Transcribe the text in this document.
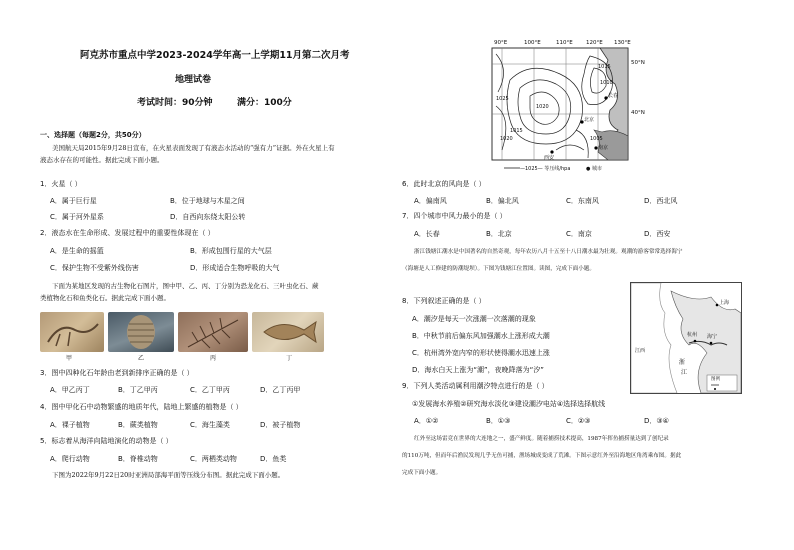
阿克苏市重点中学2023-2024学年高一上学期11月第二次月考
地理试卷
考试时间：90分钟	满分：100分
一、选择题（每题2分，共50分）
美国航天局2015年9月28日宣布，在火星表面发现了有液态水活动的“强有力”证据。外在火星上有
液态水存在的可能性。据此完成下面小题。
1．火星（ ）
A．属于巨行星	B．位于地球与木星之间
C．属于河外星系	D．自西向东绕太阳公转
2．液态水在生命形成、发展过程中的重要性体现在（ ）
A．是生命的摇篮	B．形成包围行星的大气层
C．保护生物不受紫外线伤害	D．形成适合生物呼吸的大气
下面为某地区发现的古生物化石图片，图中甲、乙、丙、丁分别为恐龙化石、三叶虫化石、蕨
类植物化石和鱼类化石。据此完成下面小题。
甲	乙	丙	丁
3．图中四种化石年龄由老到新排序正确的是（ ）
A．甲乙丙丁	B．丁乙甲丙	C．乙丁甲丙	D．乙丁丙甲
4．图中甲化石中动物繁盛的地质年代，陆地上繁盛的植物是（ ）
A．裸子植物	B．蕨类植物	C．海生藻类	D．被子植物
5．标志着从海洋向陆地演化的动物是（ ）
A．爬行动物	B．脊椎动物	C．两栖类动物	D．鱼类
下图为2022年9月22日20时亚洲局部海平面等压线分布图。据此完成下面小题。
90°E	100°E	110°E 120°E 130°E
50°N
40°N
1015
1020
1025
1015
1020
1010
1005
北京
长春
南京
西安
—1025— 等压线/hpa	● 城市
6．此时北京的风向是（ ）
A．偏南风	B．偏北风	C．东南风	D．西北风
7．四个城市中风力最小的是（ ）
A．长春	B．北京	C．南京	D．西安
浙江钱塘江潮水是中国著名的自然奇观，每年农历八月十五至十八日潮水最为壮观。观潮的游客常常选择海宁
（海塘是人工修建的防潮堤坝）。下图为钱塘江位置图。读图，完成下面小题。
8．下列叙述正确的是（ ）
A．潮汐是每天一次涨潮一次落潮的现象
B．中秋节前后偏东风加强潮水上涨形成大潮
C．杭州湾外宽内窄的形状使得潮水迅速上涨
D．海水白天上涨为“潮”，夜晚降落为“汐”
上海
浙
江
江西
海宁
杭州
图例
9．下列人类活动属利用潮汐特点进行的是（ ）
①发展海水养殖②研究海水淡化③建设潮汐电站④选择选择航线
A．①②	B．①③	C．②③	D．③④
红外至这场雷竞在世界的大连地之一，盛产鲜度。随着捕捞技术提高，1987年挥鱼捕捞量达到了创纪录
的110万吨，但而年后渔民发现几乎无鱼可捕，渔场城成变成了荒滩。下图示意红外至沿海地区角湾乘布图。据此
完成下面小题。
